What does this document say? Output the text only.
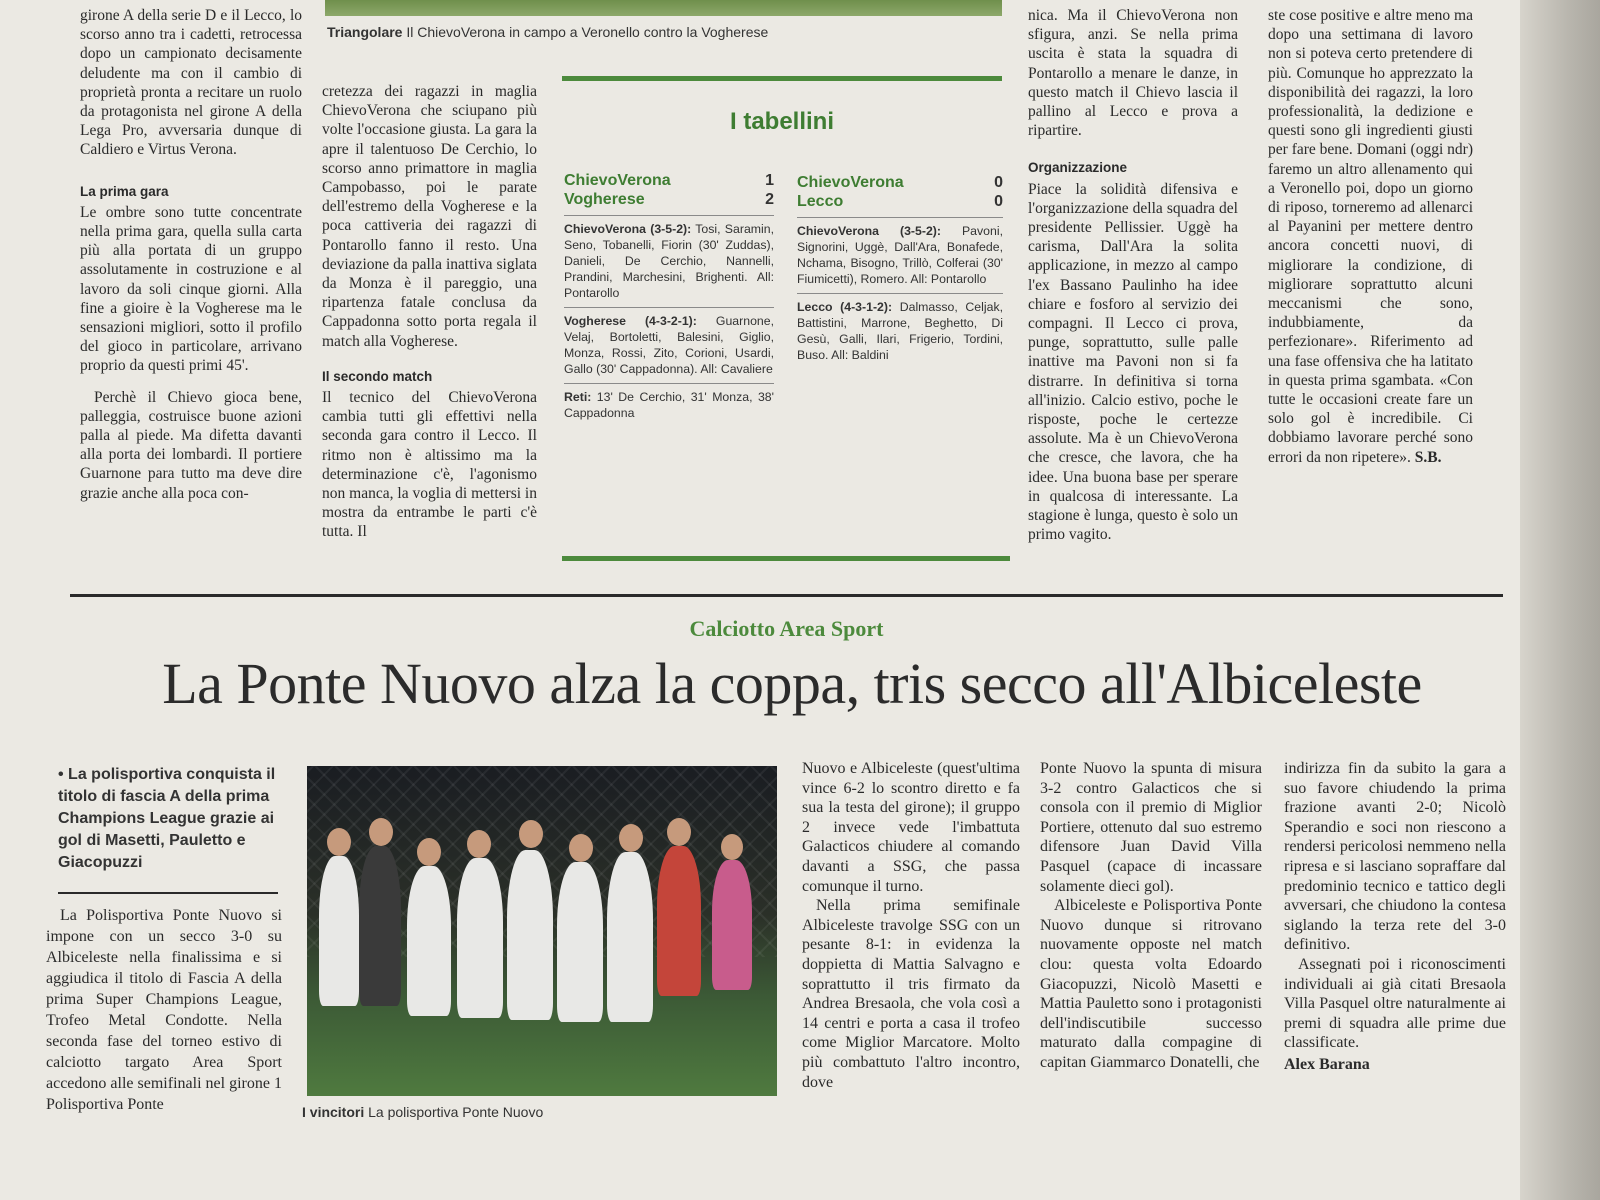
Triangolare Il ChievoVerona in campo a Veronello contro la Vogherese

girone A della serie D e il Lecco, lo scorso anno tra i cadetti, retrocessa dopo un campionato decisamente deludente ma con il cambio di proprietà pronta a recitare un ruolo da protagonista nel girone A della Lega Pro, avversaria dunque di Caldiero e Virtus Verona.

La prima gara

Le ombre sono tutte concentrate nella prima gara, quella sulla carta più alla portata di un gruppo assolutamente in costruzione e al lavoro da soli cinque giorni. Alla fine a gioire è la Vogherese ma le sensazioni migliori, sotto il profilo del gioco in particolare, arrivano proprio da questi primi 45'.

Perchè il Chievo gioca bene, palleggia, costruisce buone azioni palla al piede. Ma difetta davanti alla porta dei lombardi. Il portiere Guarnone para tutto ma deve dire grazie anche alla poca con-

cretezza dei ragazzi in maglia ChievoVerona che sciupano più volte l'occasione giusta. La gara la apre il talentuoso De Cerchio, lo scorso anno primattore in maglia Campobasso, poi le parate dell'estremo della Vogherese e la poca cattiveria dei ragazzi di Pontarollo fanno il resto. Una deviazione da palla inattiva siglata da Monza è il pareggio, una ripartenza fatale conclusa da Cappadonna sotto porta regala il match alla Vogherese.

Il secondo match

Il tecnico del ChievoVerona cambia tutti gli effettivi nella seconda gara contro il Lecco. Il ritmo non è altissimo ma la determinazione c'è, l'agonismo non manca, la voglia di mettersi in mostra da entrambe le parti c'è tutta. Il

I tabellini
ChievoVerona	1
Vogherese	2
ChievoVerona (3-5-2): Tosi, Saramin, Seno, Tobanelli, Fiorin (30' Zuddas), Danieli, De Cerchio, Nannelli, Prandini, Marchesini, Brighenti. All: Pontarollo
Vogherese (4-3-2-1): Guarnone, Velaj, Bortoletti, Balesini, Giglio, Monza, Rossi, Zito, Corioni, Usardi, Gallo (30' Cappadonna). All: Cavaliere
Reti: 13' De Cerchio, 31' Monza, 38' Cappadonna
ChievoVerona	0
Lecco	0
ChievoVerona (3-5-2): Pavoni, Signorini, Uggè, Dall'Ara, Bonafede, Nchama, Bisogno, Trillò, Colferai (30' Fiumicetti), Romero. All: Pontarollo
Lecco (4-3-1-2): Dalmasso, Celjak, Battistini, Marrone, Beghetto, Di Gesù, Galli, Ilari, Frigerio, Tordini, Buso. All: Baldini

nica. Ma il ChievoVerona non sfigura, anzi. Se nella prima uscita è stata la squadra di Pontarollo a menare le danze, in questo match il Chievo lascia il pallino al Lecco e prova a ripartire.

Organizzazione

Piace la solidità difensiva e l'organizzazione della squadra del presidente Pellissier. Uggè ha carisma, Dall'Ara la solita applicazione, in mezzo al campo l'ex Bassano Paulinho ha idee chiare e fosforo al servizio dei compagni. Il Lecco ci prova, punge, soprattutto, sulle palle inattive ma Pavoni non si fa distrarre. In definitiva si torna all'inizio. Calcio estivo, poche le risposte, poche le certezze assolute. Ma è un ChievoVerona che cresce, che lavora, che ha idee. Una buona base per sperare in qualcosa di interessante. La stagione è lunga, questo è solo un primo vagito.

ste cose positive e altre meno ma dopo una settimana di lavoro non si poteva certo pretendere di più. Comunque ho apprezzato la disponibilità dei ragazzi, la loro professionalità, la dedizione e questi sono gli ingredienti giusti per fare bene. Domani (oggi ndr) faremo un altro allenamento qui a Veronello poi, dopo un giorno di riposo, torneremo ad allenarci al Payanini per mettere dentro ancora concetti nuovi, di migliorare la condizione, di migliorare soprattutto alcuni meccanismi che sono, indubbiamente, da perfezionare». Riferimento ad una fase offensiva che ha latitato in questa prima sgambata. «Con tutte le occasioni create fare un solo gol è incredibile. Ci dobbiamo lavorare perché sono errori da non ripetere». S.B.

Calciotto Area Sport
La Ponte Nuovo alza la coppa, tris secco all'Albiceleste
• La polisportiva conquista il titolo di fascia A della prima Champions League grazie ai gol di Masetti, Pauletto e Giacopuzzi

La Polisportiva Ponte Nuovo si impone con un secco 3-0 su Albiceleste nella finalissima e si aggiudica il titolo di Fascia A della prima Super Champions League, Trofeo Metal Condotte. Nella seconda fase del torneo estivo di calciotto targato Area Sport accedono alle semifinali nel girone 1 Polisportiva Ponte	I vincitori La polisportiva Ponte Nuovo

Nuovo e Albiceleste (quest'ultima vince 6-2 lo scontro diretto e fa sua la testa del girone); il gruppo 2 invece vede l'imbattuta Galacticos chiudere al comando davanti a SSG, che passa comunque il turno.

Nella prima semifinale Albiceleste travolge SSG con un pesante 8-1: in evidenza la doppietta di Mattia Salvagno e soprattutto il tris firmato da Andrea Bresaola, che vola così a 14 centri e porta a casa il trofeo come Miglior Marcatore. Molto più combattuto l'altro incontro, dove

Ponte Nuovo la spunta di misura 3-2 contro Galacticos che si consola con il premio di Miglior Portiere, ottenuto dal suo estremo difensore Juan David Villa Pasquel (capace di incassare solamente dieci gol).

Albiceleste e Polisportiva Ponte Nuovo dunque si ritrovano nuovamente opposte nel match clou: questa volta Edoardo Giacopuzzi, Nicolò Masetti e Mattia Pauletto sono i protagonisti dell'indiscutibile successo maturato dalla compagine di capitan Giammarco Donatelli, che

indirizza fin da subito la gara a suo favore chiudendo la prima frazione avanti 2-0; Nicolò Sperandio e soci non riescono a rendersi pericolosi nemmeno nella ripresa e si lasciano sopraffare dal predominio tecnico e tattico degli avversari, che chiudono la contesa siglando la terza rete del 3-0 definitivo.

Assegnati poi i riconoscimenti individuali ai già citati Bresaola Villa Pasquel oltre naturalmente ai premi di squadra alle prime due classificate.

Alex Barana
